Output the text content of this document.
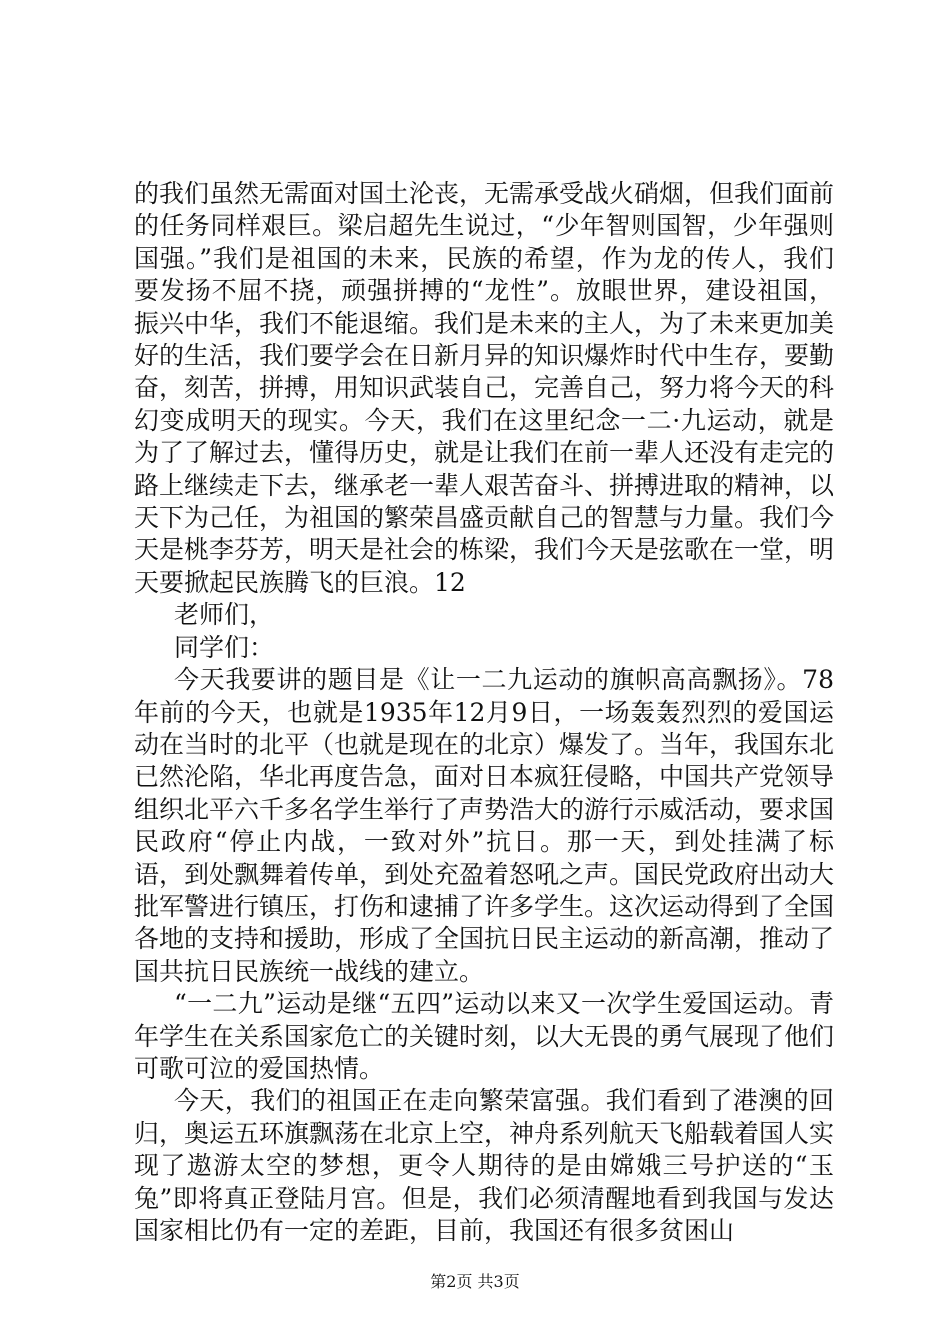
的我们虽然无需面对国土沦丧，无需承受战火硝烟，但我们面前的任务同样艰巨。梁启超先生说过，“少年智则国智，少年强则国强。”我们是祖国的未来，民族的希望，作为龙的传人，我们要发扬不屈不挠，顽强拼搏的“龙性”。放眼世界，建设祖国，振兴中华，我们不能退缩。我们是未来的主人，为了未来更加美好的生活，我们要学会在日新月异的知识爆炸时代中生存，要勤奋，刻苦，拼搏，用知识武装自己，完善自己，努力将今天的科幻变成明天的现实。今天，我们在这里纪念一二·九运动，就是为了了解过去，懂得历史，就是让我们在前一辈人还没有走完的路上继续走下去，继承老一辈人艰苦奋斗、拼搏进取的精神，以天下为己任，为祖国的繁荣昌盛贡献自己的智慧与力量。我们今天是桃李芬芳，明天是社会的栋梁，我们今天是弦歌在一堂，明天要掀起民族腾飞的巨浪。12

老师们，

同学们：

今天我要讲的题目是《让一二九运动的旗帜高高飘扬》。78年前的今天，也就是1935年12月9日，一场轰轰烈烈的爱国运动在当时的北平（也就是现在的北京）爆发了。当年，我国东北已然沦陷，华北再度告急，面对日本疯狂侵略，中国共产党领导组织北平六千多名学生举行了声势浩大的游行示威活动，要求国民政府“停止内战，一致对外”抗日。那一天，到处挂满了标语，到处飘舞着传单，到处充盈着怒吼之声。国民党政府出动大批军警进行镇压，打伤和逮捕了许多学生。这次运动得到了全国各地的支持和援助，形成了全国抗日民主运动的新高潮，推动了国共抗日民族统一战线的建立。

“一二九”运动是继“五四”运动以来又一次学生爱国运动。青年学生在关系国家危亡的关键时刻，以大无畏的勇气展现了他们可歌可泣的爱国热情。

今天，我们的祖国正在走向繁荣富强。我们看到了港澳的回归，奥运五环旗飘荡在北京上空，神舟系列航天飞船载着国人实现了遨游太空的梦想，更令人期待的是由嫦娥三号护送的“玉兔”即将真正登陆月宫。但是，我们必须清醒地看到我国与发达国家相比仍有一定的差距，目前，我国还有很多贫困山

第2页 共3页
